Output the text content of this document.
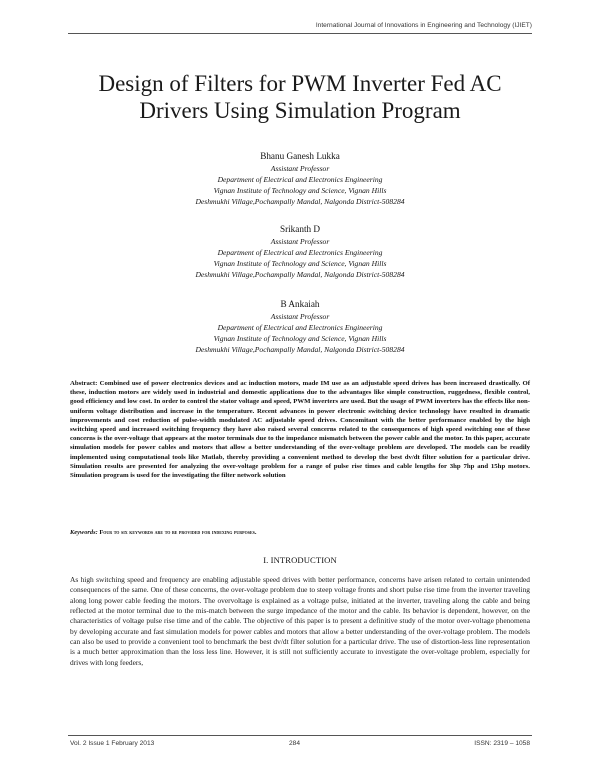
International Journal of Innovations in Engineering and Technology (IJIET)
Design of Filters for PWM Inverter Fed AC
Drivers Using Simulation Program
Bhanu Ganesh Lukka
Assistant Professor
Department of Electrical and Electronics Engineering
Vignan Institute of Technology and Science, Vignan Hills
Deshmukhi Village,Pochampally Mandal, Nalgonda District-508284
Srikanth D
Assistant Professor
Department of Electrical and Electronics Engineering
Vignan Institute of Technology and Science, Vignan Hills
Deshmukhi Village,Pochampally Mandal, Nalgonda District-508284
B Ankaiah
Assistant Professor
Department of Electrical and Electronics Engineering
Vignan Institute of Technology and Science, Vignan Hills
Deshmukhi Village,Pochampally Mandal, Nalgonda District-508284
Abstract: Combined use of power electronics devices and ac induction motors, made IM use as an adjustable speed drives has been increased drastically. Of these, induction motors are widely used in industrial and domestic applications due to the advantages like simple construction, ruggedness, flexible control, good efficiency and low cost. In order to control the stator voltage and speed, PWM inverters are used. But the usage of PWM inverters has the effects like non-uniform voltage distribution and increase in the temperature. Recent advances in power electronic switching device technology have resulted in dramatic improvements and cost reduction of pulse-width modulated AC adjustable speed drives. Concomitant with the better performance enabled by the high switching speed and increased switching frequency they have also raised several concerns related to the consequences of high speed switching one of these concerns is the over-voltage that appears at the motor terminals due to the impedance mismatch between the power cable and the motor. In this paper, accurate simulation models for power cables and motors that allow a better understanding of the over-voltage problem are developed. The models can be readily implemented using computational tools like Matlab, thereby providing a convenient method to develop the best dv/dt filter solution for a particular drive. Simulation results are presented for analyzing the over-voltage problem for a range of pulse rise times and cable lengths for 3hp 7hp and 15hp motors. Simulation program is used for the investigating the filter network solution
Keywords: Four to six keywords are to be provided for indexing purposes.
I. INTRODUCTION
As high switching speed and frequency are enabling adjustable speed drives with better performance, concerns have arisen related to certain unintended consequences of the same. One of these concerns, the over-voltage problem due to steep voltage fronts and short pulse rise time from the inverter traveling along long power cable feeding the motors. The overvoltage is explained as a voltage pulse, initiated at the inverter, traveling along the cable and being reflected at the motor terminal due to the mis-match between the surge impedance of the motor and the cable. Its behavior is dependent, however, on the characteristics of voltage pulse rise time and of the cable. The objective of this paper is to present a definitive study of the motor over-voltage phenomena by developing accurate and fast simulation models for power cables and motors that allow a better understanding of the over-voltage problem. The models can also be used to provide a convenient tool to benchmark the best dv/dt filter solution for a particular drive. The use of distortion-less line representation is a much better approximation than the loss less line. However, it is still not sufficiently accurate to investigate the over-voltage problem, especially for drives with long feeders,
Vol. 2 Issue 1 February 2013	284	ISSN: 2319 – 1058
